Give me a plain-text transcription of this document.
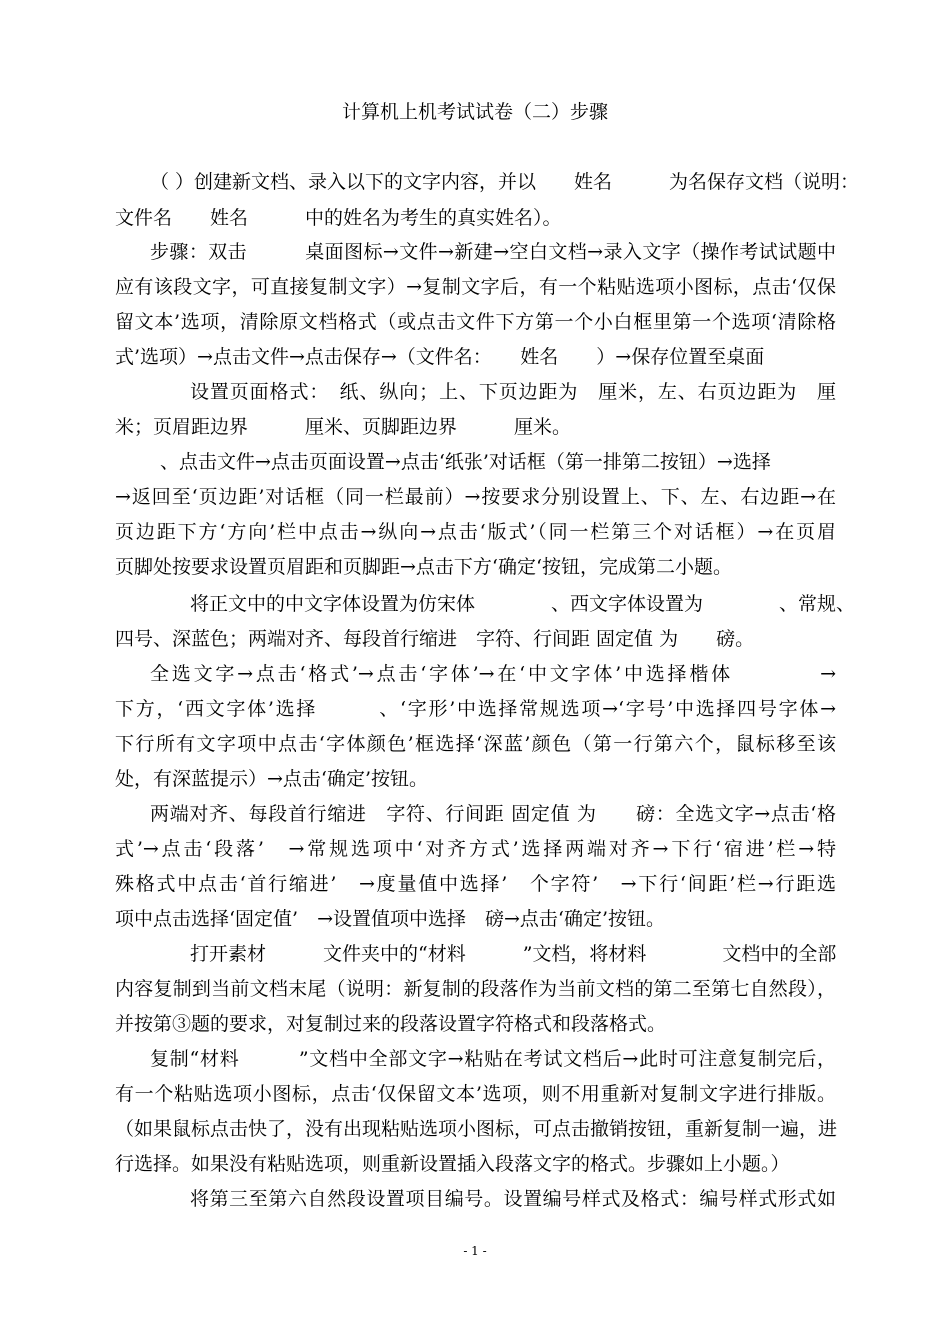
计算机上机考试试卷（二）步骤
（ ）创建新文档、录入以下的文字内容，并以　　姓名　　　为名保存文档（说明：
文件名　　姓名　　　中的姓名为考生的真实姓名）。
步骤：双击　　　桌面图标→文件→新建→空白文档→录入文字（操作考试试题中
应有该段文字，可直接复制文字）→复制文字后，有一个粘贴选项小图标，点击‘仅保
留文本’选项，清除原文档格式（或点击文件下方第一个小白框里第一个选项‘清除格
式’选项）→点击文件→点击保存→（文件名：　　姓名　　）→保存位置至桌面
设置页面格式：　纸、纵向；上、下页边距为　厘米，左、右页边距为　厘
米；页眉距边界　　　厘米、页脚距边界　　　厘米。
、点击文件→点击页面设置→点击‘纸张’对话框（第一排第二按钮）→选择
→返回至‘页边距’对话框（同一栏最前）→按要求分别设置上、下、左、右边距→在
页边距下方‘方向’栏中点击→纵向→点击‘版式’（同一栏第三个对话框）→在页眉
页脚处按要求设置页眉距和页脚距→点击下方‘确定‘按钮，完成第二小题。
将正文中的中文字体设置为仿宋体　　　　、西文字体设置为　　　　、常规、
四号、深蓝色；两端对齐、每段首行缩进　字符、行间距 固定值 为　　磅。
全选文字→点击‘格式’→点击‘字体’→在‘中文字体’中选择楷体　　　　→
下方，‘西文字体’选择　　　、‘字形’中选择常规选项→‘字号’中选择四号字体→
下行所有文字项中点击‘字体颜色’框选择‘深蓝’颜色（第一行第六个，鼠标移至该
处，有深蓝提示）→点击‘确定’按钮。
两端对齐、每段首行缩进　字符、行间距 固定值 为　　磅：全选文字→点击‘格
式’→点击‘段落’　→常规选项中‘对齐方式’选择两端对齐→下行‘宿进’栏→特
殊格式中点击‘首行缩进’　→度量值中选择’　个字符’　→下行‘间距’栏→行距选
项中点击选择‘固定值’　→设置值项中选择　磅→点击‘确定’按钮。
打开素材　　　文件夹中的“材料　　　”文档，将材料　　　　文档中的全部
内容复制到当前文档末尾（说明：新复制的段落作为当前文档的第二至第七自然段），
并按第③题的要求，对复制过来的段落设置字符格式和段落格式。
复制“材料　　　”文档中全部文字→粘贴在考试文档后→此时可注意复制完后，
有一个粘贴选项小图标，点击‘仅保留文本’选项，则不用重新对复制文字进行排版。
（如果鼠标点击快了，没有出现粘贴选项小图标，可点击撤销按钮，重新复制一遍，进
行选择。如果没有粘贴选项，则重新设置插入段落文字的格式。步骤如上小题。）
将第三至第六自然段设置项目编号。设置编号样式及格式：编号样式形式如
- 1 -
